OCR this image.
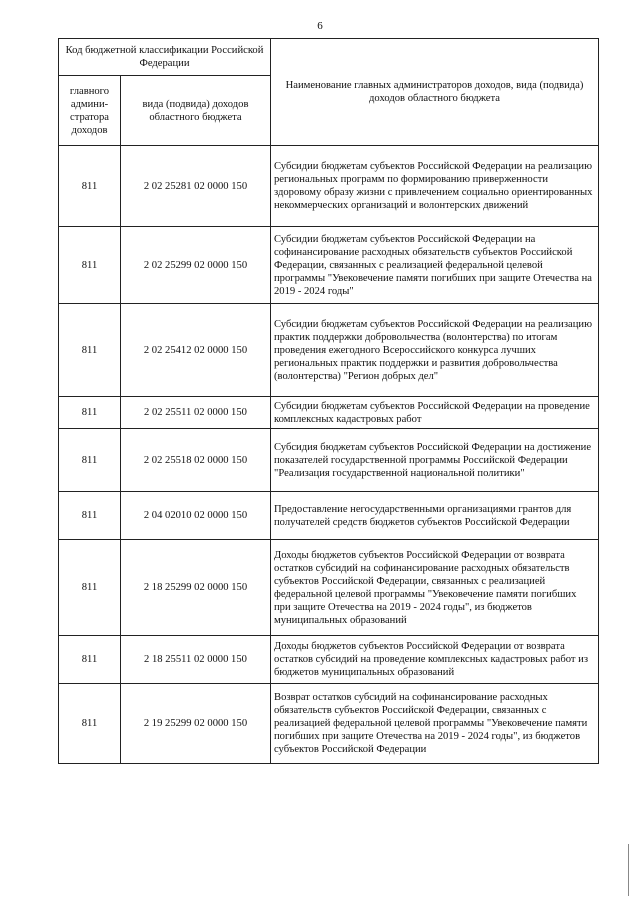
6
Код бюджетной классификации Российской Федерации		Наименование главных администраторов доходов, вида (подвида) доходов областного бюджета
главного админи-стратора доходов	вида (подвида) доходов областного бюджета	
811	2 02 25281 02 0000 150	Субсидии бюджетам субъектов Российской Федерации на реализацию региональных программ по формированию приверженности здоровому образу жизни с привлечением социально ориентированных некоммерческих организаций и волонтерских движений
811	2 02 25299 02 0000 150	Субсидии бюджетам субъектов Российской Федерации на софинансирование расходных обязательств субъектов Российской Федерации, связанных с реализацией федеральной целевой программы "Увековечение памяти погибших при защите Отечества на 2019 - 2024 годы"
811	2 02 25412 02 0000 150	Субсидии бюджетам субъектов Российской Федерации на реализацию практик поддержки добровольчества (волонтерства) по итогам проведения ежегодного Всероссийского конкурса лучших региональных практик поддержки и развития добровольчества (волонтерства) "Регион добрых дел"
811	2 02 25511 02 0000 150	Субсидии бюджетам субъектов Российской Федерации на проведение комплексных кадастровых работ
811	2 02 25518 02 0000 150	Субсидия бюджетам субъектов Российской Федерации на достижение показателей государственной программы Российской Федерации "Реализация государственной национальной политики"
811	2 04 02010 02 0000 150	Предоставление негосударственными организациями грантов для получателей средств бюджетов субъектов Российской Федерации
811	2 18 25299 02 0000 150	Доходы бюджетов субъектов Российской Федерации от возврата остатков субсидий на софинансирование расходных обязательств субъектов Российской Федерации, связанных с реализацией федеральной целевой программы "Увековечение памяти погибших при защите Отечества на 2019 - 2024 годы", из бюджетов муниципальных образований
811	2 18 25511 02 0000 150	Доходы бюджетов субъектов Российской Федерации от возврата остатков субсидий на проведение комплексных кадастровых работ из бюджетов муниципальных образований
811	2 19 25299 02 0000 150	Возврат остатков субсидий на софинансирование расходных обязательств субъектов Российской Федерации, связанных с реализацией федеральной целевой программы "Увековечение памяти погибших при защите Отечества на 2019 - 2024 годы", из бюджетов субъектов Российской Федерации
